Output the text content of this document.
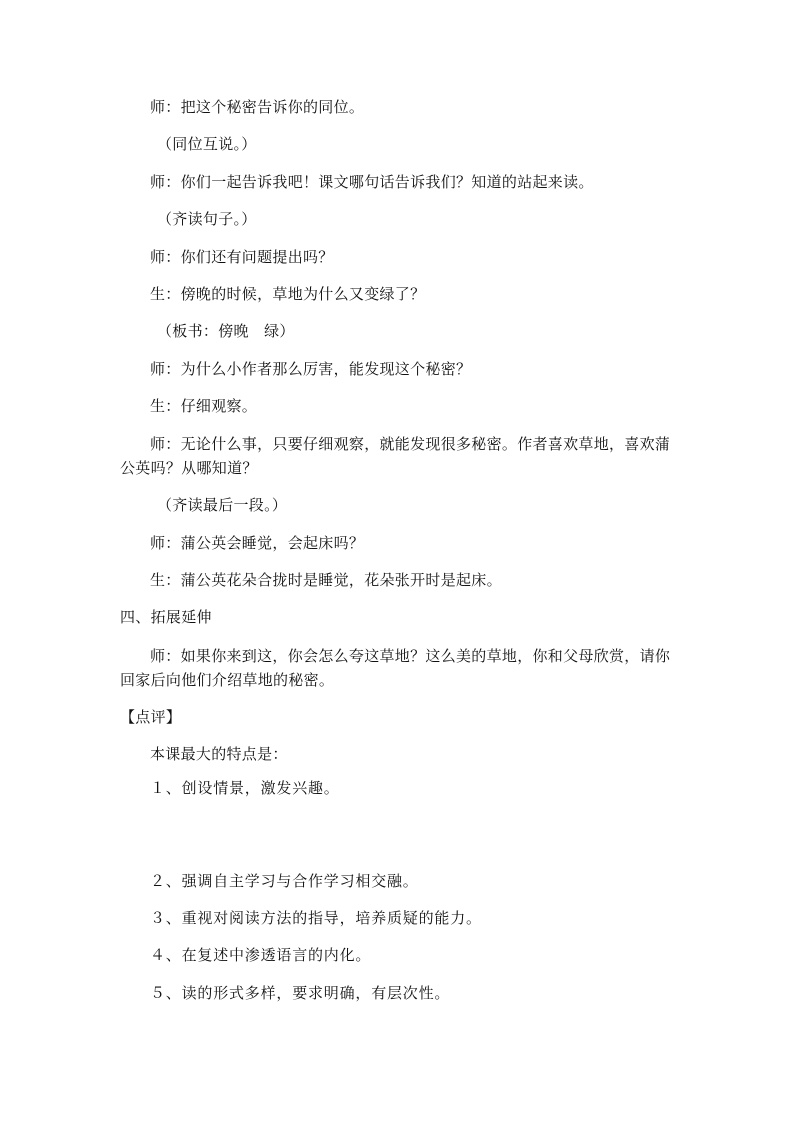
师：把这个秘密告诉你的同位。
（同位互说。）
师：你们一起告诉我吧！课文哪句话告诉我们？知道的站起来读。
（齐读句子。）
师：你们还有问题提出吗？
生：傍晚的时候，草地为什么又变绿了？
（板书：傍晚　绿）
师：为什么小作者那么厉害，能发现这个秘密？
生：仔细观察。
师：无论什么事，只要仔细观察，就能发现很多秘密。作者喜欢草地，喜欢蒲公英吗？从哪知道？
（齐读最后一段。）
师：蒲公英会睡觉，会起床吗？
生：蒲公英花朵合拢时是睡觉，花朵张开时是起床。
四、拓展延伸
师：如果你来到这，你会怎么夸这草地？这么美的草地，你和父母欣赏，请你回家后向他们介绍草地的秘密。
【点评】
本课最大的特点是：
１、创设情景，激发兴趣。
２、强调自主学习与合作学习相交融。
３、重视对阅读方法的指导，培养质疑的能力。
４、在复述中渗透语言的内化。
５、读的形式多样，要求明确，有层次性。
